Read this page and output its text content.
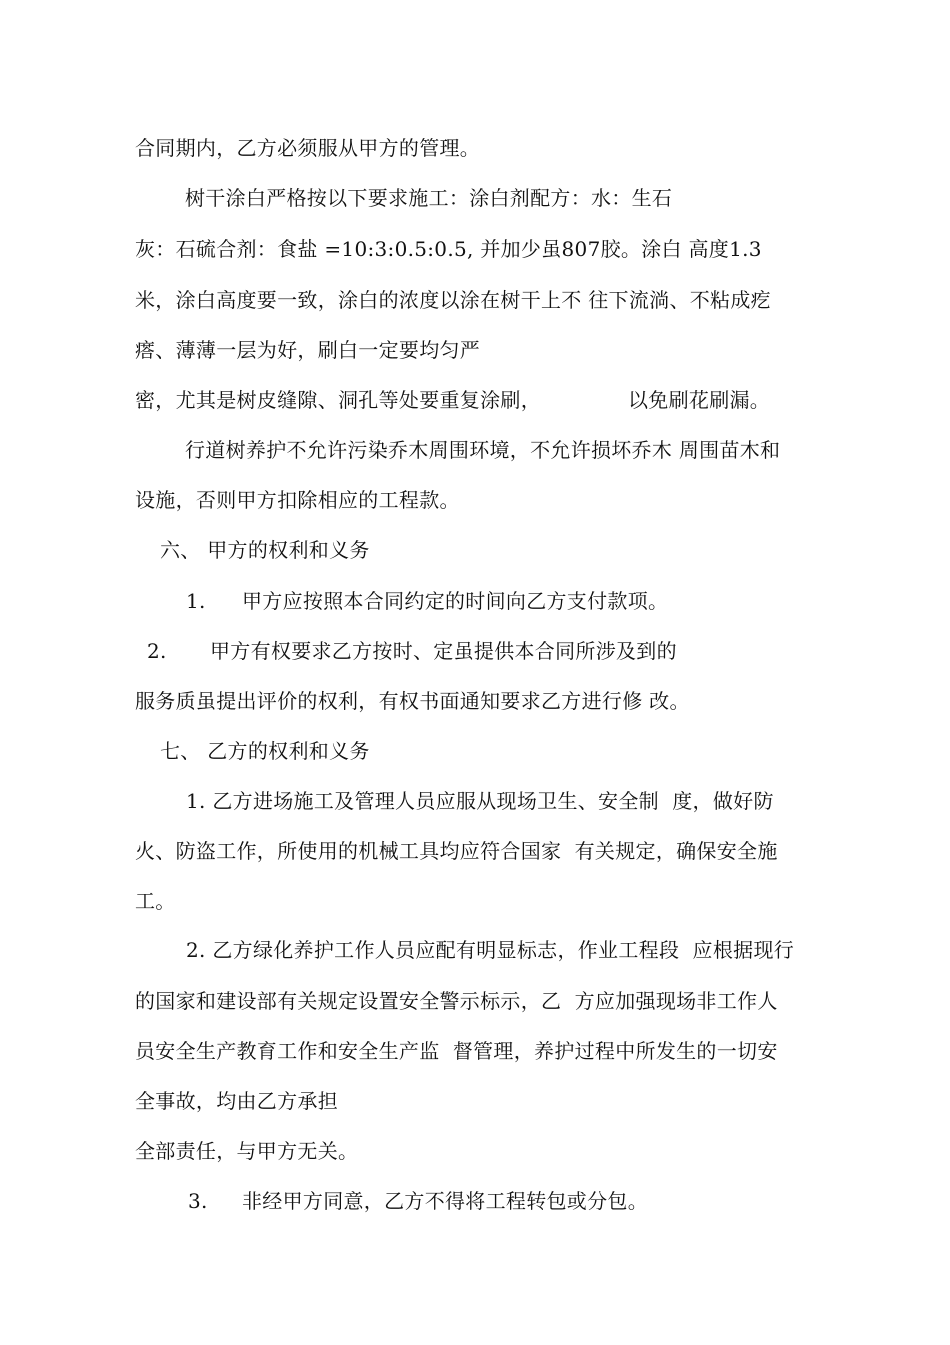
合同期内，乙方必须服从甲方的管理。
树干涂白严格按以下要求施工：涂白剂配方：水：生石
灰：石硫合剂：食盐 =10:3:0.5:0.5, 并加少虽807胶。涂白 高度1.3
米，涂白高度要一致，涂白的浓度以涂在树干上不 往下流淌、不粘成疙
瘩、薄薄一层为好，刷白一定要均匀严
密，尤其是树皮缝隙、洞孔等处要重复涂刷，	以免刷花刷漏。
行道树养护不允许污染乔木周围环境，不允许损坏乔木 周围苗木和
设施，否则甲方扣除相应的工程款。
六、 甲方的权利和义务
1. 甲方应按照本合同约定的时间向乙方支付款项。
2. 甲方有权要求乙方按时、定虽提供本合同所涉及到的
服务质虽提出评价的权利，有权书面通知要求乙方进行修 改。
七、 乙方的权利和义务
1. 乙方进场施工及管理人员应服从现场卫生、安全制  度，做好防
火、防盗工作，所使用的机械工具均应符合国家  有关规定，确保安全施
工。
2. 乙方绿化养护工作人员应配有明显标志，作业工程段  应根据现行
的国家和建设部有关规定设置安全警示标示，乙  方应加强现场非工作人
员安全生产教育工作和安全生产监  督管理，养护过程中所发生的一切安
全事故，均由乙方承担
全部责任，与甲方无关。
3. 非经甲方同意，乙方不得将工程转包或分包。
